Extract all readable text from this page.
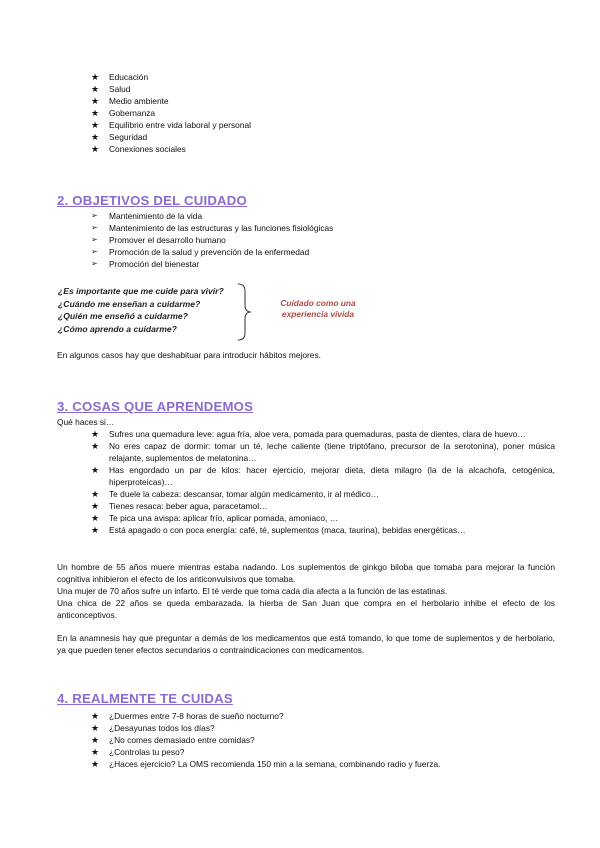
★ Educación
★ Salud
★ Medio ambiente
★ Gobernanza
★ Equilibrio entre vida laboral y personal
★ Seguridad
★ Conexiones sociales
2. OBJETIVOS DEL CUIDADO
➢ Mantenimiento de la vida
➢ Mantenimiento de las estructuras y las funciones fisiológicas
➢ Promover el desarrollo humano
➢ Promoción de la salud y prevención de la enfermedad
➢ Promoción del bienestar
¿Es importante que me cuide para vivir?
¿Cuándo me enseñan a cuidarme?
¿Quién me enseñó a cuidarme?
¿Cómo aprendo a cuidarme?
Cuidado como una experiencia vivida
En algunos casos hay que deshabituar para introducir hábitos mejores.
3. COSAS QUE APRENDEMOS
Qué haces si…
★ Sufres una quemadura leve: agua fría, aloe vera, pomada para quemaduras, pasta de dientes, clara de huevo…
★ No eres capaz de dormir: tomar un té, leche caliente (tiene triptófano, precursor de la serotonina), poner música relajante, suplementos de melatonina…
★ Has engordado un par de kilos: hacer ejercicio, mejorar dieta, dieta milagro (la de la alcachofa, cetogénica, hiperproteicas)…
★ Te duele la cabeza: descansar, tomar algún medicamento, ir al médico…
★ Tienes resaca: beber agua, paracetamol…
★ Te pica una avispa: aplicar frío, aplicar pomada, amoniaco, …
★ Está apagado o con poca energía: café, té, suplementos (maca, taurina), bebidas energéticas…
Un hombre de 55 años muere mientras estaba nadando. Los suplementos de ginkgo biloba que tomaba para mejorar la función cognitiva inhibieron el efecto de los anticonvulsivos que tomaba.
Una mujer de 70 años sufre un infarto. El té verde que toma cada día afecta a la función de las estatinas.
Una chica de 22 años se queda embarazada. la hierba de San Juan que compra en el herbolario inhibe el efecto de los anticonceptivos.
En la anamnesis hay que preguntar a demás de los medicamentos que está tomando, lo que tome de suplementos y de herbolario, ya que pueden tener efectos secundarios o contraindicaciones con medicamentos.
4. REALMENTE TE CUIDAS
★ ¿Duermes entre 7-8 horas de sueño nocturno?
★ ¿Desayunas todos los días?
★ ¿No comes demasiado entre comidas?
★ ¿Controlas tu peso?
★ ¿Haces ejercicio? La OMS recomienda 150 min a la semana, combinando radio y fuerza.
